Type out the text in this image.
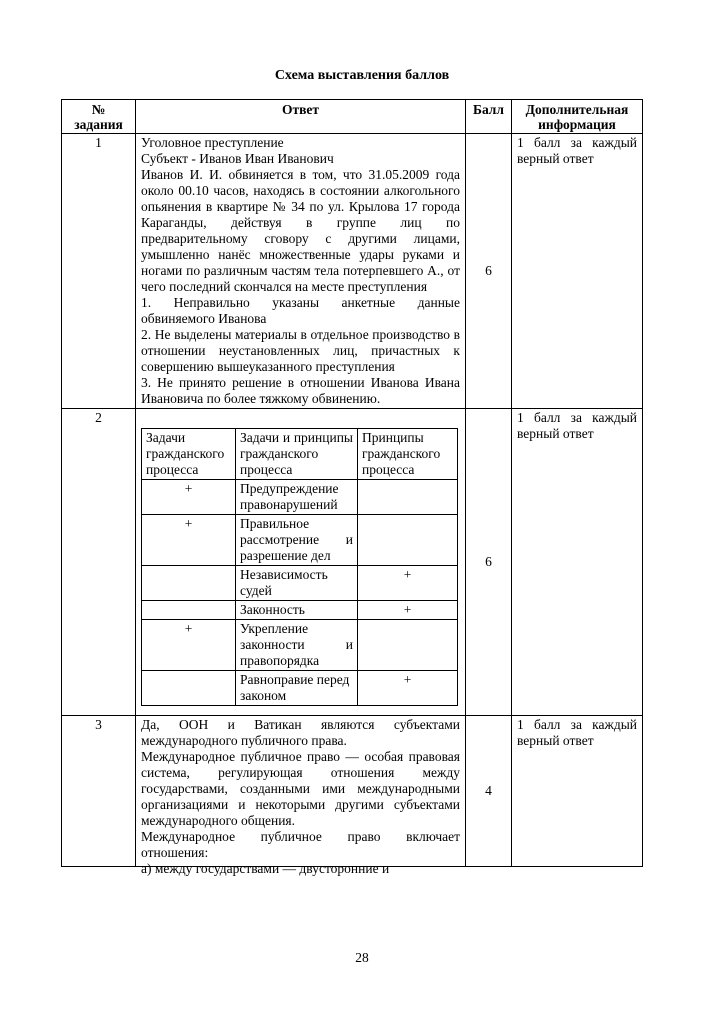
Схема выставления баллов
№ задания	Ответ	Балл	Дополнительная информация
1	Уголовное преступление
Субъект - Иванов Иван Иванович
Иванов И. И. обвиняется в том, что 31.05.2009 года около 00.10 часов, находясь в состоянии алкогольного опьянения в квартире № 34 по ул. Крылова 17 города Караганды, действуя в группе лиц по предварительному сговору с другими лицами, умышленно нанёс множественные удары руками и ногами по различным частям тела потерпевшего А., от чего последний скончался на месте преступления
1. Неправильно указаны анкетные данные обвиняемого Иванова
2. Не выделены материалы в отдельное производство в отношении неустановленных лиц, причастных к совершению вышеуказанного преступления
3. Не принято решение в отношении Иванова Ивана Ивановича по более тяжкому обвинению.
	6	1 балл за каждый верный ответ
2	
Задачи гражданского процесса	Задачи и принципы гражданского процесса	Принципы гражданского процесса
+	Предупреждение правонарушений	
+	Правильное рассмотрение и разрешение дел	
	Независимость судей	+
	Законность	+
+	Укрепление законности и правопорядка	
	Равноправие перед законом	+
	6	1 балл за каждый верный ответ
3	Да, ООН и Ватикан являются субъектами международного публичного права.
Международное публичное право — особая правовая система, регулирующая отношения между государствами, созданными ими международными организациями и некоторыми другими субъектами международного общения.
Международное публичное право включает отношения:
а) между государствами — двусторонние и
	4	1 балл за каждый верный ответ
28
